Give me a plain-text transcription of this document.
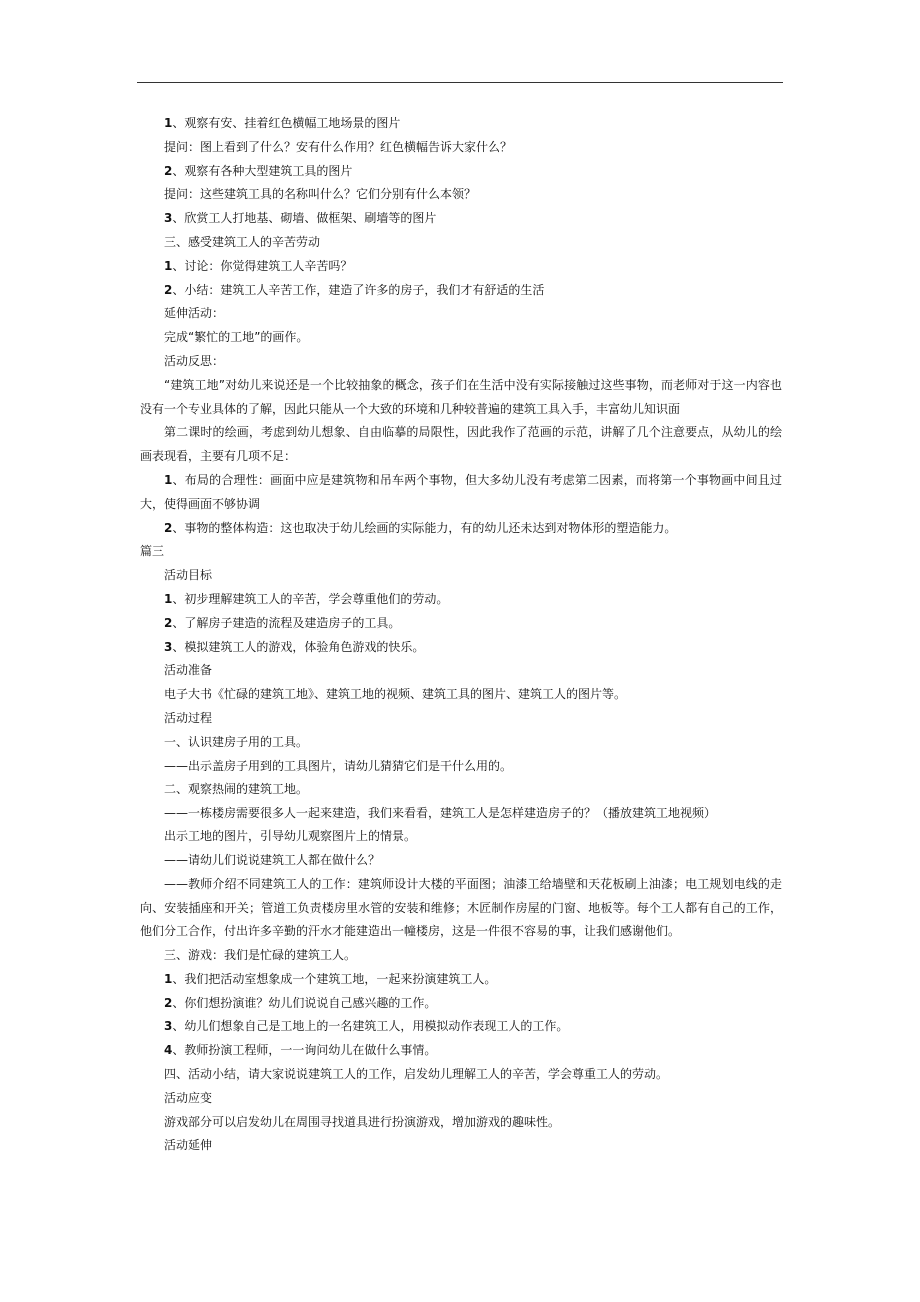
1、观察有安、挂着红色横幅工地场景的图片

提问：图上看到了什么？安有什么作用？红色横幅告诉大家什么？

2、观察有各种大型建筑工具的图片

提问：这些建筑工具的名称叫什么？它们分别有什么本领？

3、欣赏工人打地基、砌墙、做框架、刷墙等的图片

三、感受建筑工人的辛苦劳动

1、讨论：你觉得建筑工人辛苦吗？

2、小结：建筑工人辛苦工作，建造了许多的房子，我们才有舒适的生活

延伸活动：

完成“繁忙的工地”的画作。

活动反思：

“建筑工地”对幼儿来说还是一个比较抽象的概念，孩子们在生活中没有实际接触过这些事物，而老师对于这一内容也没有一个专业具体的了解，因此只能从一个大致的环境和几种较普遍的建筑工具入手，丰富幼儿知识面

第二课时的绘画，考虑到幼儿想象、自由临摹的局限性，因此我作了范画的示范，讲解了几个注意要点，从幼儿的绘画表现看，主要有几项不足：

1、布局的合理性：画面中应是建筑物和吊车两个事物，但大多幼儿没有考虑第二因素，而将第一个事物画中间且过大，使得画面不够协调

2、事物的整体构造：这也取决于幼儿绘画的实际能力，有的幼儿还未达到对物体形的塑造能力。

篇三

活动目标

1、初步理解建筑工人的辛苦，学会尊重他们的劳动。

2、了解房子建造的流程及建造房子的工具。

3、模拟建筑工人的游戏，体验角色游戏的快乐。

活动准备

电子大书《忙碌的建筑工地》、建筑工地的视频、建筑工具的图片、建筑工人的图片等。

活动过程

一、认识建房子用的工具。

——出示盖房子用到的工具图片，请幼儿猜猜它们是干什么用的。

二、观察热闹的建筑工地。

——一栋楼房需要很多人一起来建造，我们来看看，建筑工人是怎样建造房子的？（播放建筑工地视频）

出示工地的图片，引导幼儿观察图片上的情景。

——请幼儿们说说建筑工人都在做什么？

——教师介绍不同建筑工人的工作：建筑师设计大楼的平面图；油漆工给墙壁和天花板刷上油漆；电工规划电线的走向、安装插座和开关；管道工负责楼房里水管的安装和维修；木匠制作房屋的门窗、地板等。每个工人都有自己的工作，他们分工合作，付出许多辛勤的汗水才能建造出一幢楼房，这是一件很不容易的事，让我们感谢他们。

三、游戏：我们是忙碌的建筑工人。

1、我们把活动室想象成一个建筑工地，一起来扮演建筑工人。

2、你们想扮演谁？幼儿们说说自己感兴趣的工作。

3、幼儿们想象自己是工地上的一名建筑工人，用模拟动作表现工人的工作。

4、教师扮演工程师，一一询问幼儿在做什么事情。

四、活动小结，请大家说说建筑工人的工作，启发幼儿理解工人的辛苦，学会尊重工人的劳动。

活动应变

游戏部分可以启发幼儿在周围寻找道具进行扮演游戏，增加游戏的趣味性。

活动延伸
